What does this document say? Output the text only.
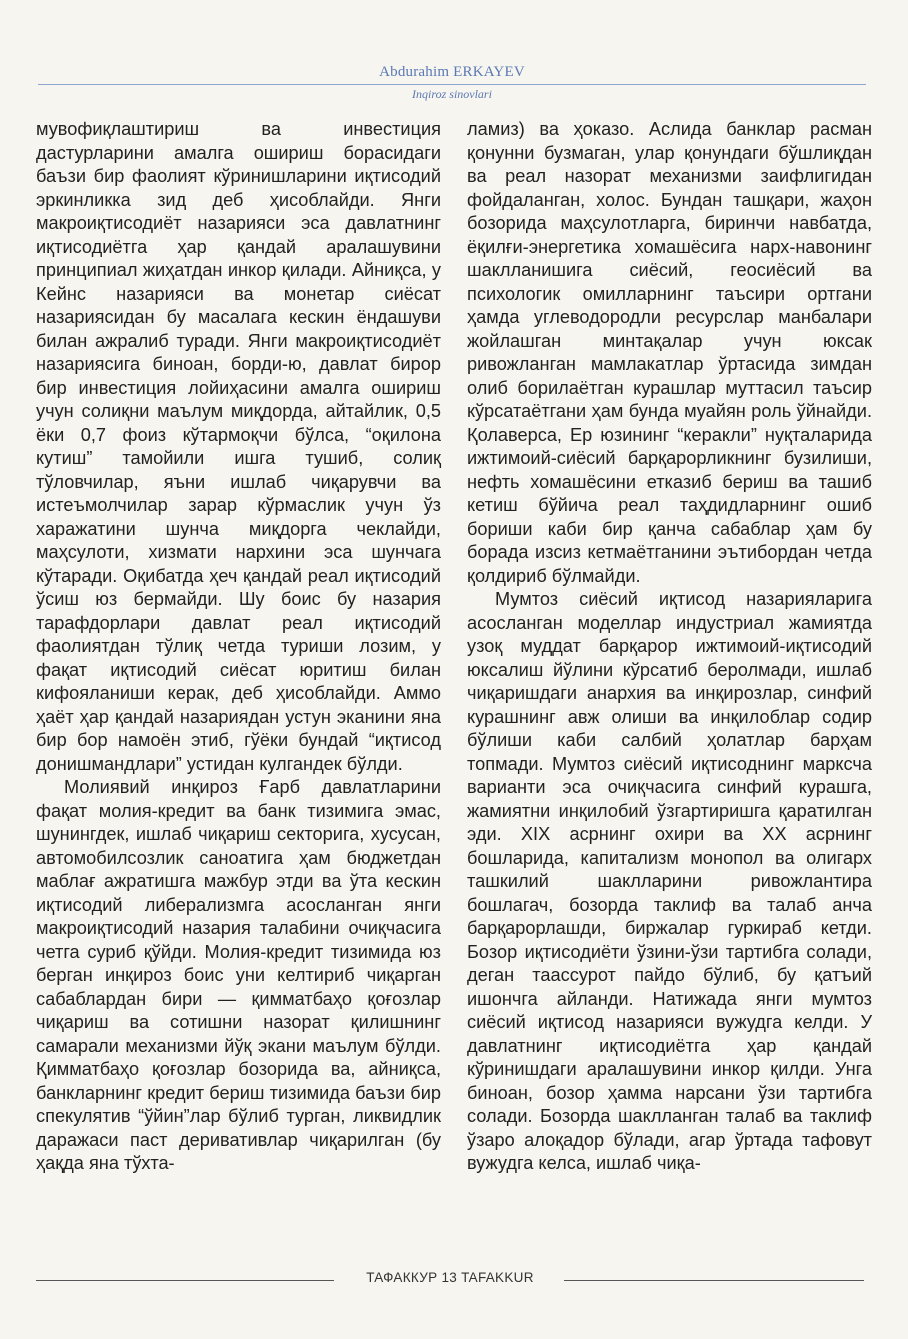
Abdurahim ERKAYEV
Inqiroz sinovlari

мувофиқлаштириш ва инвестиция дастурларини амалга ошириш борасидаги баъзи бир фаолият кўринишларини иқтисодий эркинликка зид деб ҳисоблайди. Янги макроиқтисодиёт назарияси эса давлатнинг иқтисодиётга ҳар қандай аралашувини принципиал жиҳатдан инкор қилади. Айниқса, у Кейнс назарияси ва монетар сиёсат назариясидан бу масалага кескин ёндашуви билан ажралиб туради. Янги макроиқтисодиёт назариясига биноан, борди-ю, давлат бирор бир инвестиция лойиҳасини амалга ошириш учун солиқни маълум миқдорда, айтайлик, 0,5 ёки 0,7 фоиз кўтармоқчи бўлса, “оқилона кутиш” тамойили ишга тушиб, солиқ тўловчилар, яъни ишлаб чиқарувчи ва истеъмолчилар зарар кўрмаслик учун ўз харажатини шунча миқдорга чеклайди, маҳсулоти, хизмати нархини эса шунчага кўтаради. Оқибатда ҳеч қандай реал иқтисодий ўсиш юз бермайди. Шу боис бу назария тарафдорлари давлат реал иқтисодий фаолиятдан тўлиқ четда туриши лозим, у фақат иқтисодий сиёсат юритиш билан кифояланиши керак, деб ҳисоблайди. Аммо ҳаёт ҳар қандай назариядан устун эканини яна бир бор намоён этиб, гўёки бундай “иқтисод донишмандлари” устидан кулгандек бўлди.

Молиявий инқироз Ғарб давлатларини фақат молия-кредит ва банк тизимига эмас, шунингдек, ишлаб чиқариш секторига, хусусан, автомобилсозлик саноатига ҳам бюджетдан маблағ ажратишга мажбур этди ва ўта кескин иқтисодий либерализмга асосланган янги макроиқтисодий назария талабини очиқчасига четга суриб қўйди. Молия-кредит тизимида юз берган инқироз боис уни келтириб чиқарган сабаблардан бири — қимматбаҳо қоғозлар чиқариш ва сотишни назорат қилишнинг самарали механизми йўқ экани маълум бўлди. Қимматбаҳо қоғозлар бозорида ва, айниқса, банкларнинг кредит бериш тизимида баъзи бир спекулятив “ўйин”лар бўлиб турган, ликвидлик даражаси паст деривативлар чиқарилган (бу ҳақда яна тўхта-

ламиз) ва ҳоказо. Аслида банклар расман қонунни бузмаган, улар қонундаги бўшлиқдан ва реал назорат механизми заифлигидан фойдаланган, холос. Бундан ташқари, жаҳон бозорида маҳсулотларга, биринчи навбатда, ёқилғи-энергетика хомашёсига нарх-навонинг шаклланишига сиёсий, геосиёсий ва психологик омилларнинг таъсири ортгани ҳамда углеводородли ресурслар манбалари жойлашган минтақалар учун юксак ривожланган мамлакатлар ўртасида зимдан олиб борилаётган курашлар муттасил таъсир кўрсатаётгани ҳам бунда муайян роль ўйнайди. Қолаверса, Ер юзининг “керакли” нуқталарида ижтимоий-сиёсий барқарорликнинг бузилиши, нефть хомашёсини етказиб бериш ва ташиб кетиш бўйича реал таҳдидларнинг ошиб бориши каби бир қанча сабаблар ҳам бу борада изсиз кетмаётганини эътибордан четда қолдириб бўлмайди.

Мумтоз сиёсий иқтисод назарияларига асосланган моделлар индустриал жамиятда узоқ муддат барқарор ижтимоий-иқтисодий юксалиш йўлини кўрсатиб беролмади, ишлаб чиқаришдаги анархия ва инқирозлар, синфий курашнинг авж олиши ва инқилоблар содир бўлиши каби салбий ҳолатлар барҳам топмади. Мумтоз сиёсий иқтисоднинг марксча варианти эса очиқчасига синфий курашга, жамиятни инқилобий ўзгартиришга қаратилган эди. XIX асрнинг охири ва XX асрнинг бошларида, капитализм монопол ва олигарх ташкилий шаклларини ривожлантира бошлагач, бозорда таклиф ва талаб анча барқарорлашди, биржалар гуркираб кетди. Бозор иқтисодиёти ўзини-ўзи тартибга солади, деган таассурот пайдо бўлиб, бу қатъий ишончга айланди. Натижада янги мумтоз сиёсий иқтисод назарияси вужудга келди. У давлатнинг иқтисодиётга ҳар қандай кўринишдаги аралашувини инкор қилди. Унга биноан, бозор ҳамма нарсани ўзи тартибга солади. Бозорда шаклланган талаб ва таклиф ўзаро алоқадор бўлади, агар ўртада тафовут вужудга келса, ишлаб чиқа-

ТАФАККУР 13 TAFAKKUR
